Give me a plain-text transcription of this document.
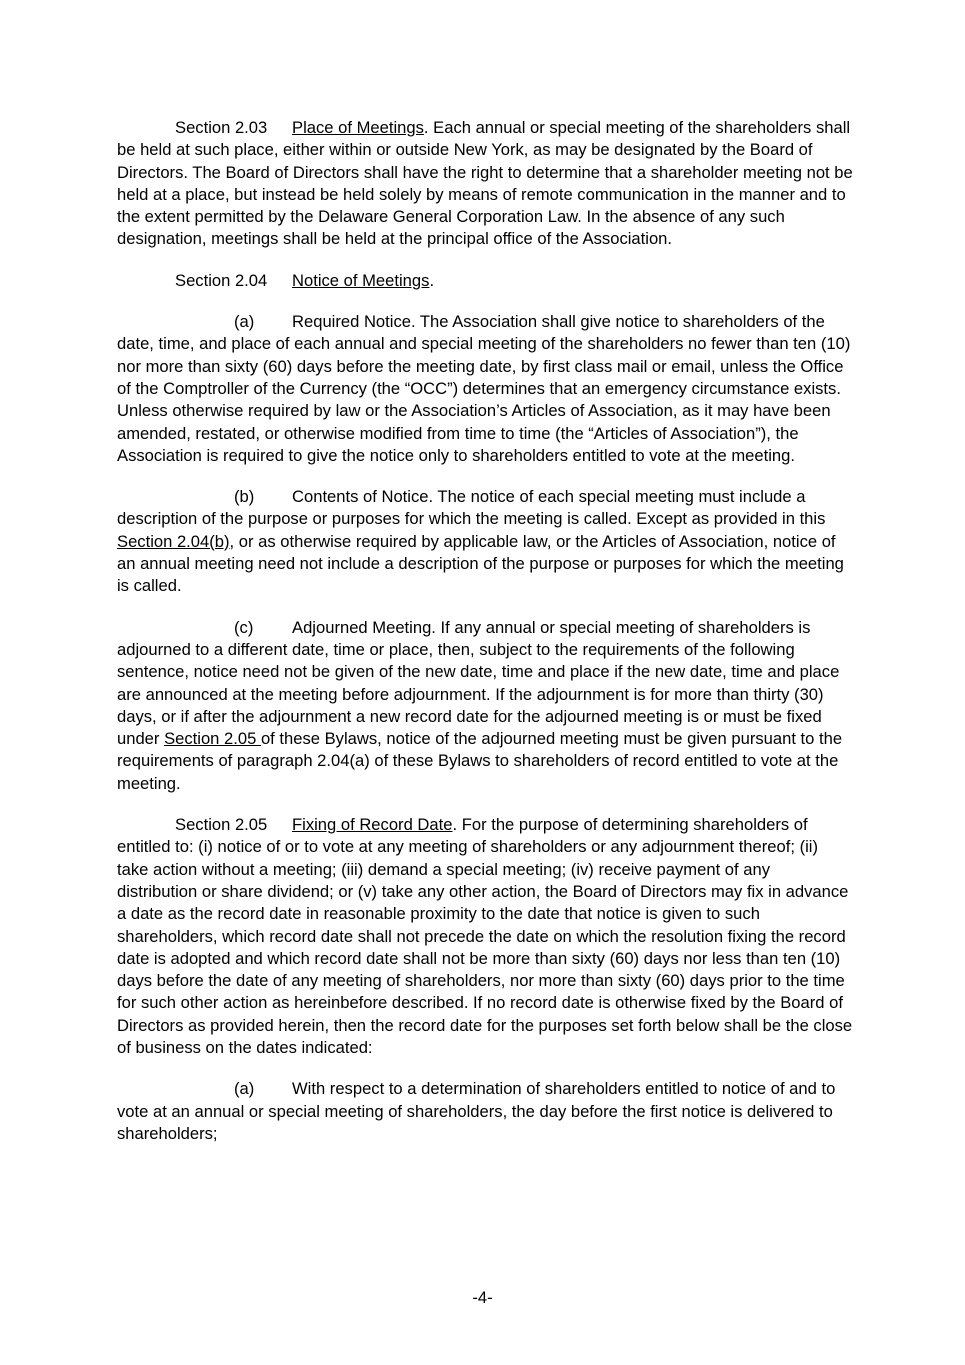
Section 2.03 Place of Meetings. Each annual or special meeting of the shareholders shall be held at such place, either within or outside New York, as may be designated by the Board of Directors. The Board of Directors shall have the right to determine that a shareholder meeting not be held at a place, but instead be held solely by means of remote communication in the manner and to the extent permitted by the Delaware General Corporation Law. In the absence of any such designation, meetings shall be held at the principal office of the Association.

Section 2.04 Notice of Meetings.

(a) Required Notice. The Association shall give notice to shareholders of the date, time, and place of each annual and special meeting of the shareholders no fewer than ten (10) nor more than sixty (60) days before the meeting date, by first class mail or email, unless the Office of the Comptroller of the Currency (the “OCC”) determines that an emergency circumstance exists. Unless otherwise required by law or the Association’s Articles of Association, as it may have been amended, restated, or otherwise modified from time to time (the “Articles of Association”), the Association is required to give the notice only to shareholders entitled to vote at the meeting.

(b) Contents of Notice. The notice of each special meeting must include a description of the purpose or purposes for which the meeting is called. Except as provided in this Section 2.04(b), or as otherwise required by applicable law, or the Articles of Association, notice of an annual meeting need not include a description of the purpose or purposes for which the meeting is called.

(c) Adjourned Meeting. If any annual or special meeting of shareholders is adjourned to a different date, time or place, then, subject to the requirements of the following sentence, notice need not be given of the new date, time and place if the new date, time and place are announced at the meeting before adjournment. If the adjournment is for more than thirty (30) days, or if after the adjournment a new record date for the adjourned meeting is or must be fixed under Section 2.05 of these Bylaws, notice of the adjourned meeting must be given pursuant to the requirements of paragraph 2.04(a) of these Bylaws to shareholders of record entitled to vote at the meeting.

Section 2.05 Fixing of Record Date. For the purpose of determining shareholders of entitled to: (i) notice of or to vote at any meeting of shareholders or any adjournment thereof; (ii) take action without a meeting; (iii) demand a special meeting; (iv) receive payment of any distribution or share dividend; or (v) take any other action, the Board of Directors may fix in advance a date as the record date in reasonable proximity to the date that notice is given to such shareholders, which record date shall not precede the date on which the resolution fixing the record date is adopted and which record date shall not be more than sixty (60) days nor less than ten (10) days before the date of any meeting of shareholders, nor more than sixty (60) days prior to the time for such other action as hereinbefore described. If no record date is otherwise fixed by the Board of Directors as provided herein, then the record date for the purposes set forth below shall be the close of business on the dates indicated:

(a) With respect to a determination of shareholders entitled to notice of and to vote at an annual or special meeting of shareholders, the day before the first notice is delivered to shareholders;

-4-
